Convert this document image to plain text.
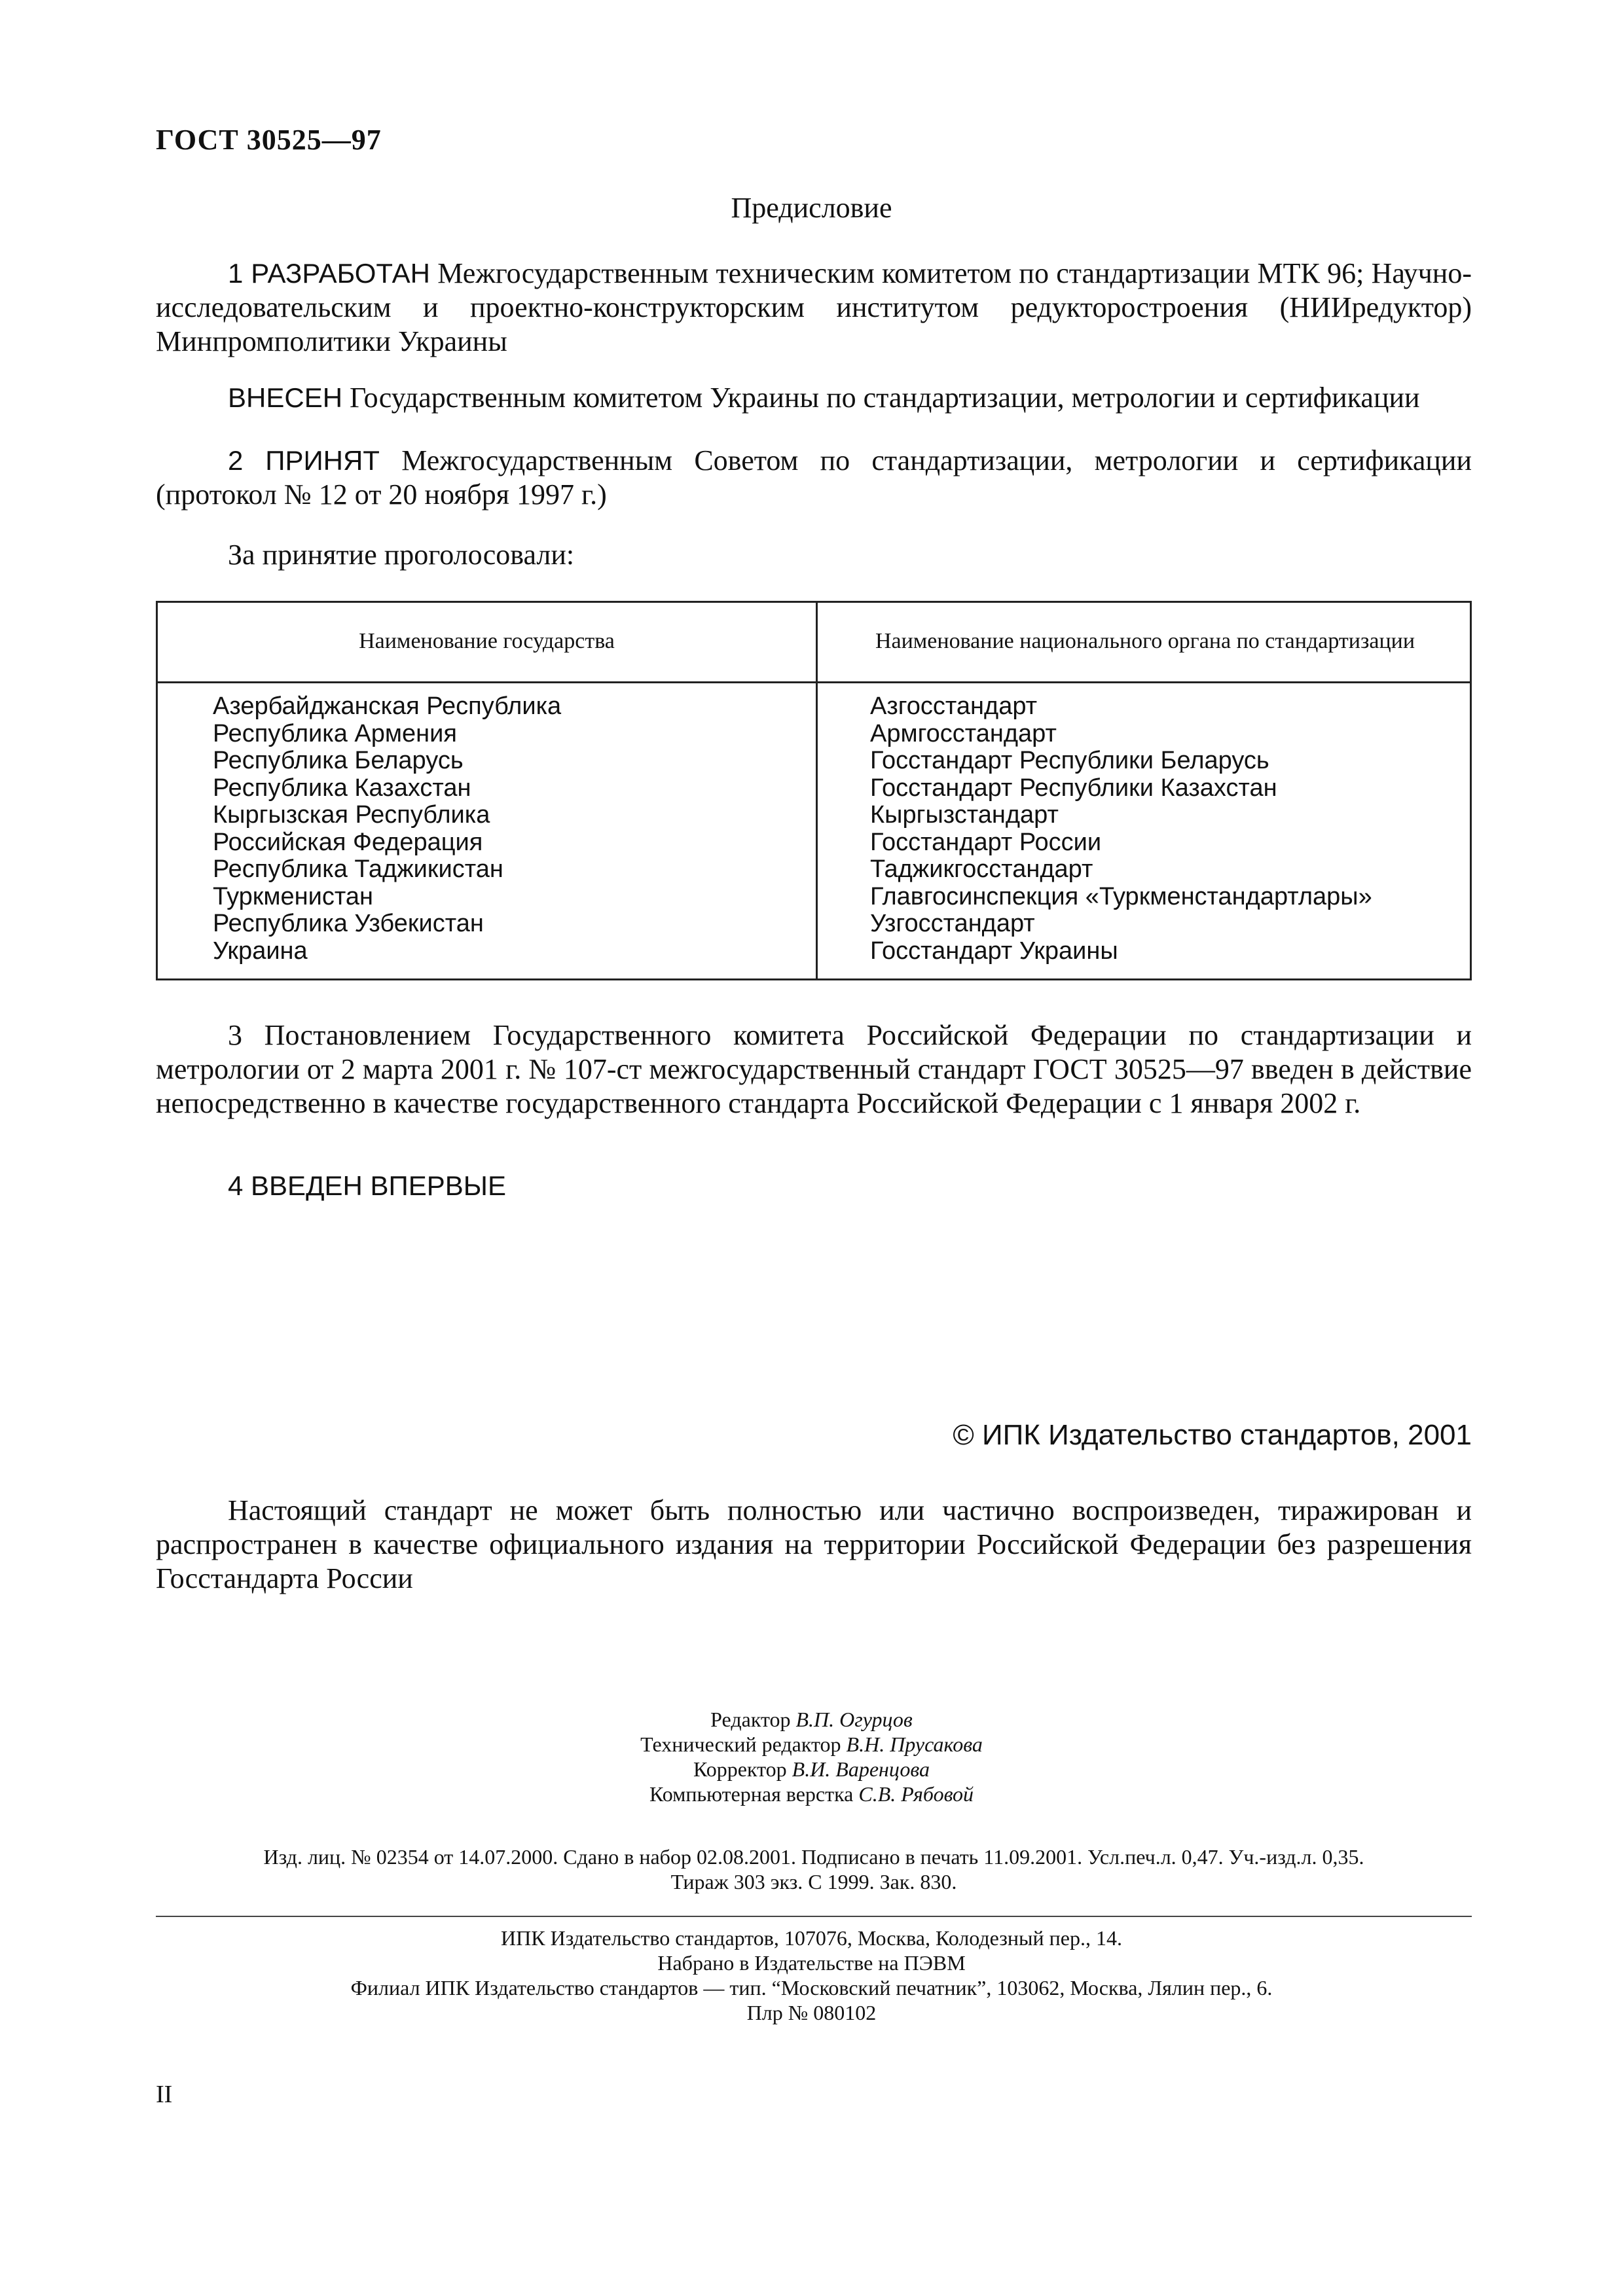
ГОСТ 30525—97
Предисловие
1 РАЗРАБОТАН Межгосударственным техническим комитетом по стандартизации МТК 96; Научно-исследовательским и проектно-конструкторским институтом редукторостроения (НИИредуктор) Минпромполитики Украины
ВНЕСЕН Государственным комитетом Украины по стандартизации, метрологии и сертификации
2 ПРИНЯТ Межгосударственным Советом по стандартизации, метрологии и сертификации (протокол № 12 от 20 ноября 1997 г.)
За принятие проголосовали:
Наименование государства	Наименование национального органа по стандартизации
Азербайджанская Республика
Республика Армения
Республика Беларусь
Республика Казахстан
Кыргызская Республика
Российская Федерация
Республика Таджикистан
Туркменистан
Республика Узбекистан
Украина
Азгосстандарт
Армгосстандарт
Госстандарт Республики Беларусь
Госстандарт Республики Казахстан
Кыргызстандарт
Госстандарт России
Таджикгосстандарт
Главгосинспекция «Туркменстандартлары»
Узгосстандарт
Госстандарт Украины
3 Постановлением Государственного комитета Российской Федерации по стандартизации и метрологии от 2 марта 2001 г. № 107-ст межгосударственный стандарт ГОСТ 30525—97 введен в действие непосредственно в качестве государственного стандарта Российской Федерации с 1 января 2002 г.
4 ВВЕДЕН ВПЕРВЫЕ
© ИПК Издательство стандартов, 2001
Настоящий стандарт не может быть полностью или частично воспроизведен, тиражирован и распространен в качестве официального издания на территории Российской Федерации без разрешения Госстандарта России
Редактор В.П. Огурцов
Технический редактор В.Н. Прусакова
Корректор В.И. Варенцова
Компьютерная верстка С.В. Рябовой
Изд. лиц. № 02354 от 14.07.2000. Сдано в набор 02.08.2001. Подписано в печать 11.09.2001. Усл.печ.л. 0,47. Уч.-изд.л. 0,35.
Тираж 303 экз. С 1999. Зак. 830.
ИПК Издательство стандартов, 107076, Москва, Колодезный пер., 14.
Набрано в Издательстве на ПЭВМ
Филиал ИПК Издательство стандартов — тип. “Московский печатник”, 103062, Москва, Лялин пер., 6.
Плр № 080102
II
